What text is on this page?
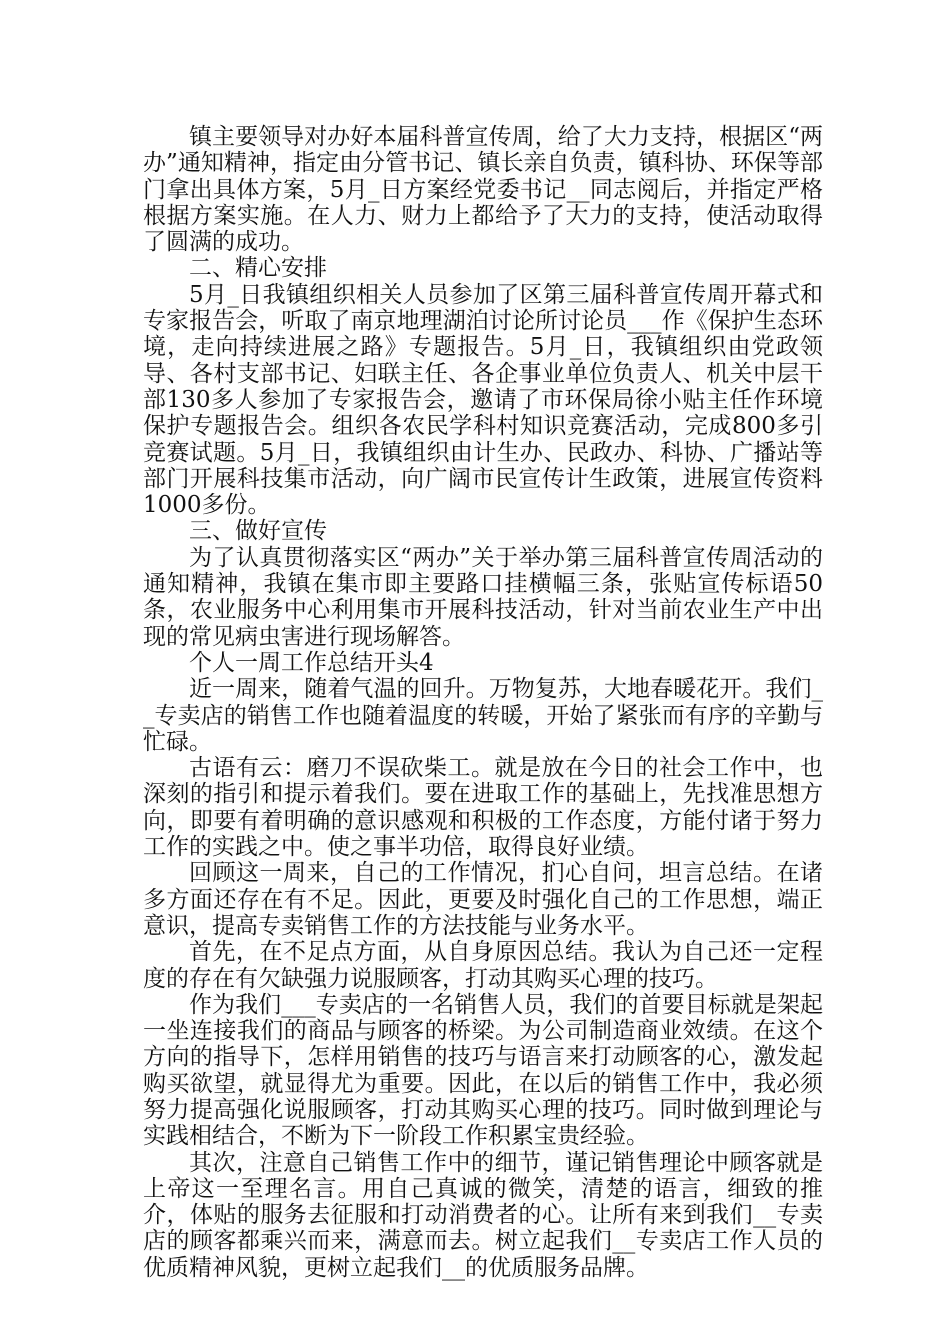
镇主要领导对办好本届科普宣传周，给了大力支持，根据区“两办”通知精神，指定由分管书记、镇长亲自负责，镇科协、环保等部门拿出具体方案，5月_日方案经党委书记__同志阅后，并指定严格根据方案实施。在人力、财力上都给予了大力的支持，使活动取得了圆满的成功。

二、精心安排

5月_日我镇组织相关人员参加了区第三届科普宣传周开幕式和专家报告会，听取了南京地理湖泊讨论所讨论员___作《保护生态环境，走向持续进展之路》专题报告。5月_日，我镇组织由党政领导、各村支部书记、妇联主任、各企事业单位负责人、机关中层干部130多人参加了专家报告会，邀请了市环保局徐小贴主任作环境保护专题报告会。组织各农民学科村知识竞赛活动，完成800多引竞赛试题。5月_日，我镇组织由计生办、民政办、科协、广播站等部门开展科技集市活动，向广阔市民宣传计生政策，进展宣传资料1000多份。

三、做好宣传

为了认真贯彻落实区“两办”关于举办第三届科普宣传周活动的通知精神，我镇在集市即主要路口挂横幅三条，张贴宣传标语50条，农业服务中心利用集市开展科技活动，针对当前农业生产中出现的常见病虫害进行现场解答。

个人一周工作总结开头4

近一周来，随着气温的回升。万物复苏，大地春暖花开。我们__专卖店的销售工作也随着温度的转暖，开始了紧张而有序的辛勤与忙碌。

古语有云：磨刀不误砍柴工。就是放在今日的社会工作中，也深刻的指引和提示着我们。要在进取工作的基础上，先找准思想方向，即要有着明确的意识感观和积极的工作态度，方能付诸于努力工作的实践之中。使之事半功倍，取得良好业绩。

回顾这一周来，自己的工作情况，扪心自问，坦言总结。在诸多方面还存在有不足。因此，更要及时强化自己的工作思想，端正意识，提高专卖销售工作的方法技能与业务水平。

首先，在不足点方面，从自身原因总结。我认为自己还一定程度的存在有欠缺强力说服顾客，打动其购买心理的技巧。

作为我们___专卖店的一名销售人员，我们的首要目标就是架起一坐连接我们的商品与顾客的桥梁。为公司制造商业效绩。在这个方向的指导下，怎样用销售的技巧与语言来打动顾客的心，激发起购买欲望，就显得尤为重要。因此，在以后的销售工作中，我必须努力提高强化说服顾客，打动其购买心理的技巧。同时做到理论与实践相结合，不断为下一阶段工作积累宝贵经验。

其次，注意自己销售工作中的细节，谨记销售理论中顾客就是上帝这一至理名言。用自己真诚的微笑，清楚的语言，细致的推介，体贴的服务去征服和打动消费者的心。让所有来到我们__专卖店的顾客都乘兴而来，满意而去。树立起我们__专卖店工作人员的优质精神风貌，更树立起我们__的优质服务品牌。
